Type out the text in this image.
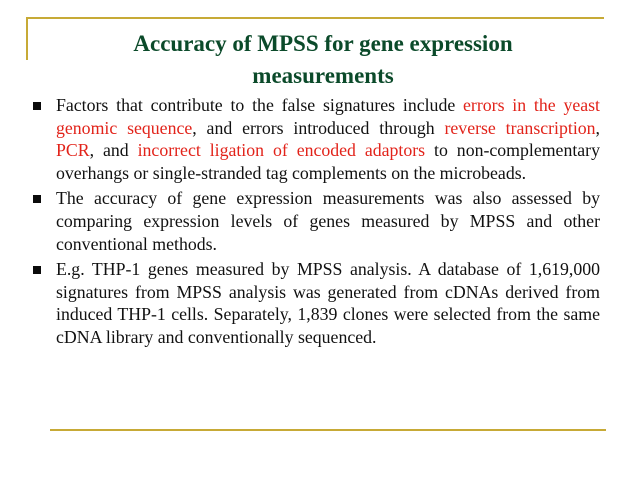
Accuracy of MPSS for gene expression
measurements
Factors that contribute to the false signatures include errors in the yeast genomic sequence, and errors introduced through reverse transcription, PCR, and incorrect ligation of encoded adaptors to non-complementary overhangs or single-stranded tag complements on the microbeads.
The accuracy of gene expression measurements was also assessed by comparing expression levels of genes measured by MPSS and other conventional methods.
E.g. THP-1 genes measured by MPSS analysis. A database of 1,619,000 signatures from MPSS analysis was generated from cDNAs derived from induced THP-1 cells. Separately, 1,839 clones were selected from the same cDNA library and conventionally sequenced.
